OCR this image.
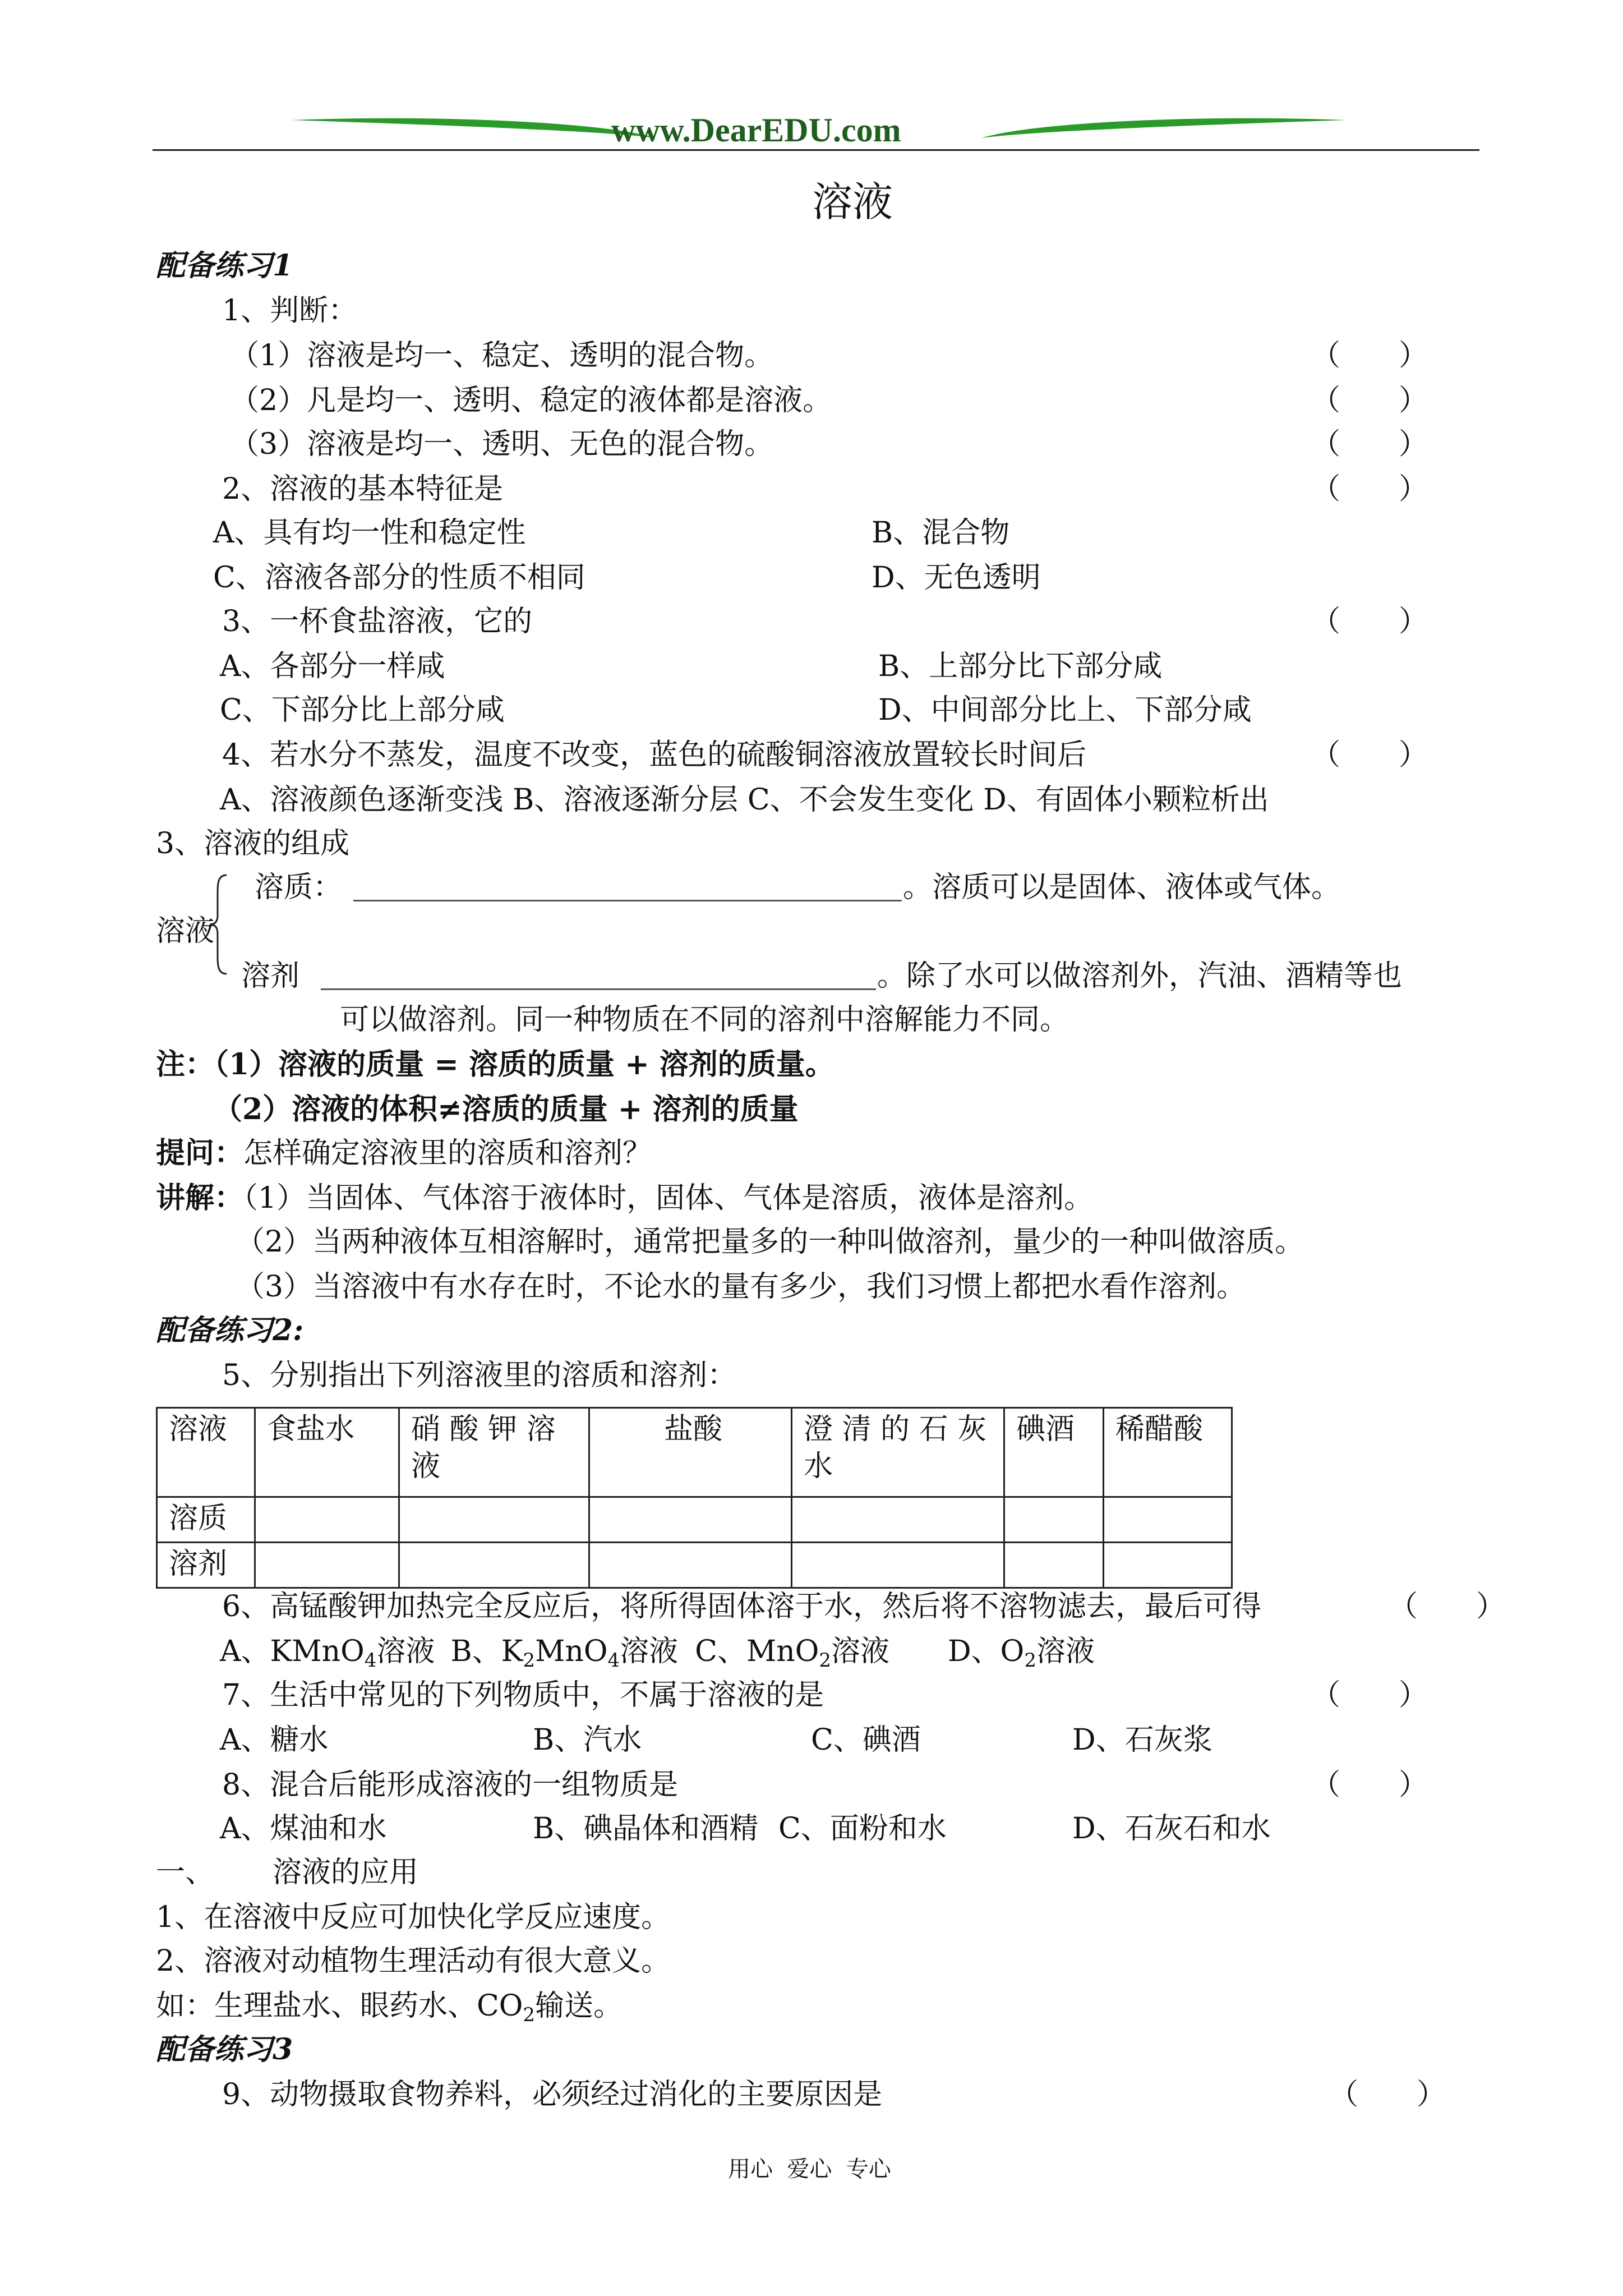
www.DearEDU.com
溶液
配备练习1
1、判断：
（1）溶液是均一、稳定、透明的混合物。	（　　）
（2）凡是均一、透明、稳定的液体都是溶液。	（　　）
（3）溶液是均一、透明、无色的混合物。	（　　）
2、溶液的基本特征是	（　　）
A、具有均一性和稳定性	B、混合物
C、溶液各部分的性质不相同	D、无色透明
3、一杯食盐溶液，它的	（　　）
A、各部分一样咸	B、上部分比下部分咸
C、下部分比上部分咸	D、中间部分比上、下部分咸
4、若水分不蒸发，温度不改变，蓝色的硫酸铜溶液放置较长时间后	（　　）
A、溶液颜色逐渐变浅 B、溶液逐渐分层 C、不会发生变化 D、有固体小颗粒析出
3、溶液的组成
溶液
溶质：	。溶质可以是固体、液体或气体。
溶剂	。除了水可以做溶剂外，汽油、酒精等也
可以做溶剂。同一种物质在不同的溶剂中溶解能力不同。
注：（1）溶液的质量 = 溶质的质量 + 溶剂的质量。
（2）溶液的体积≠溶质的质量 + 溶剂的质量
提问：怎样确定溶液里的溶质和溶剂？
讲解：（1）当固体、气体溶于液体时，固体、气体是溶质，液体是溶剂。
（2）当两种液体互相溶解时，通常把量多的一种叫做溶剂，量少的一种叫做溶质。
（3）当溶液中有水存在时，不论水的量有多少，我们习惯上都把水看作溶剂。
配备练习2:
5、分别指出下列溶液里的溶质和溶剂：
溶液	食盐水	硝 酸 钾 溶 液	盐酸	澄 清 的 石 灰 水	碘酒	稀醋酸
溶质						
溶剂						
6、高锰酸钾加热完全反应后，将所得固体溶于水，然后将不溶物滤去，最后可得	（　　）
A、KMnO$_4$溶液 B、$K_2MnO_4$溶液 C、MnO$_2$溶液 D、$O_2$溶液
7、生活中常见的下列物质中，不属于溶液的是	（　　）
A、糖水	B、汽水	C、碘酒	D、石灰浆
8、混合后能形成溶液的一组物质是	（　　）
A、煤油和水	B、碘晶体和酒精 C、面粉和水	D、石灰石和水
一、 溶液的应用
1、在溶液中反应可加快化学反应速度。
2、溶液对动植物生理活动有很大意义。
如：生理盐水、眼药水、$CO_2$输送。
配备练习3
9、动物摄取食物养料，必须经过消化的主要原因是	（　　）
用心  爱心  专心
